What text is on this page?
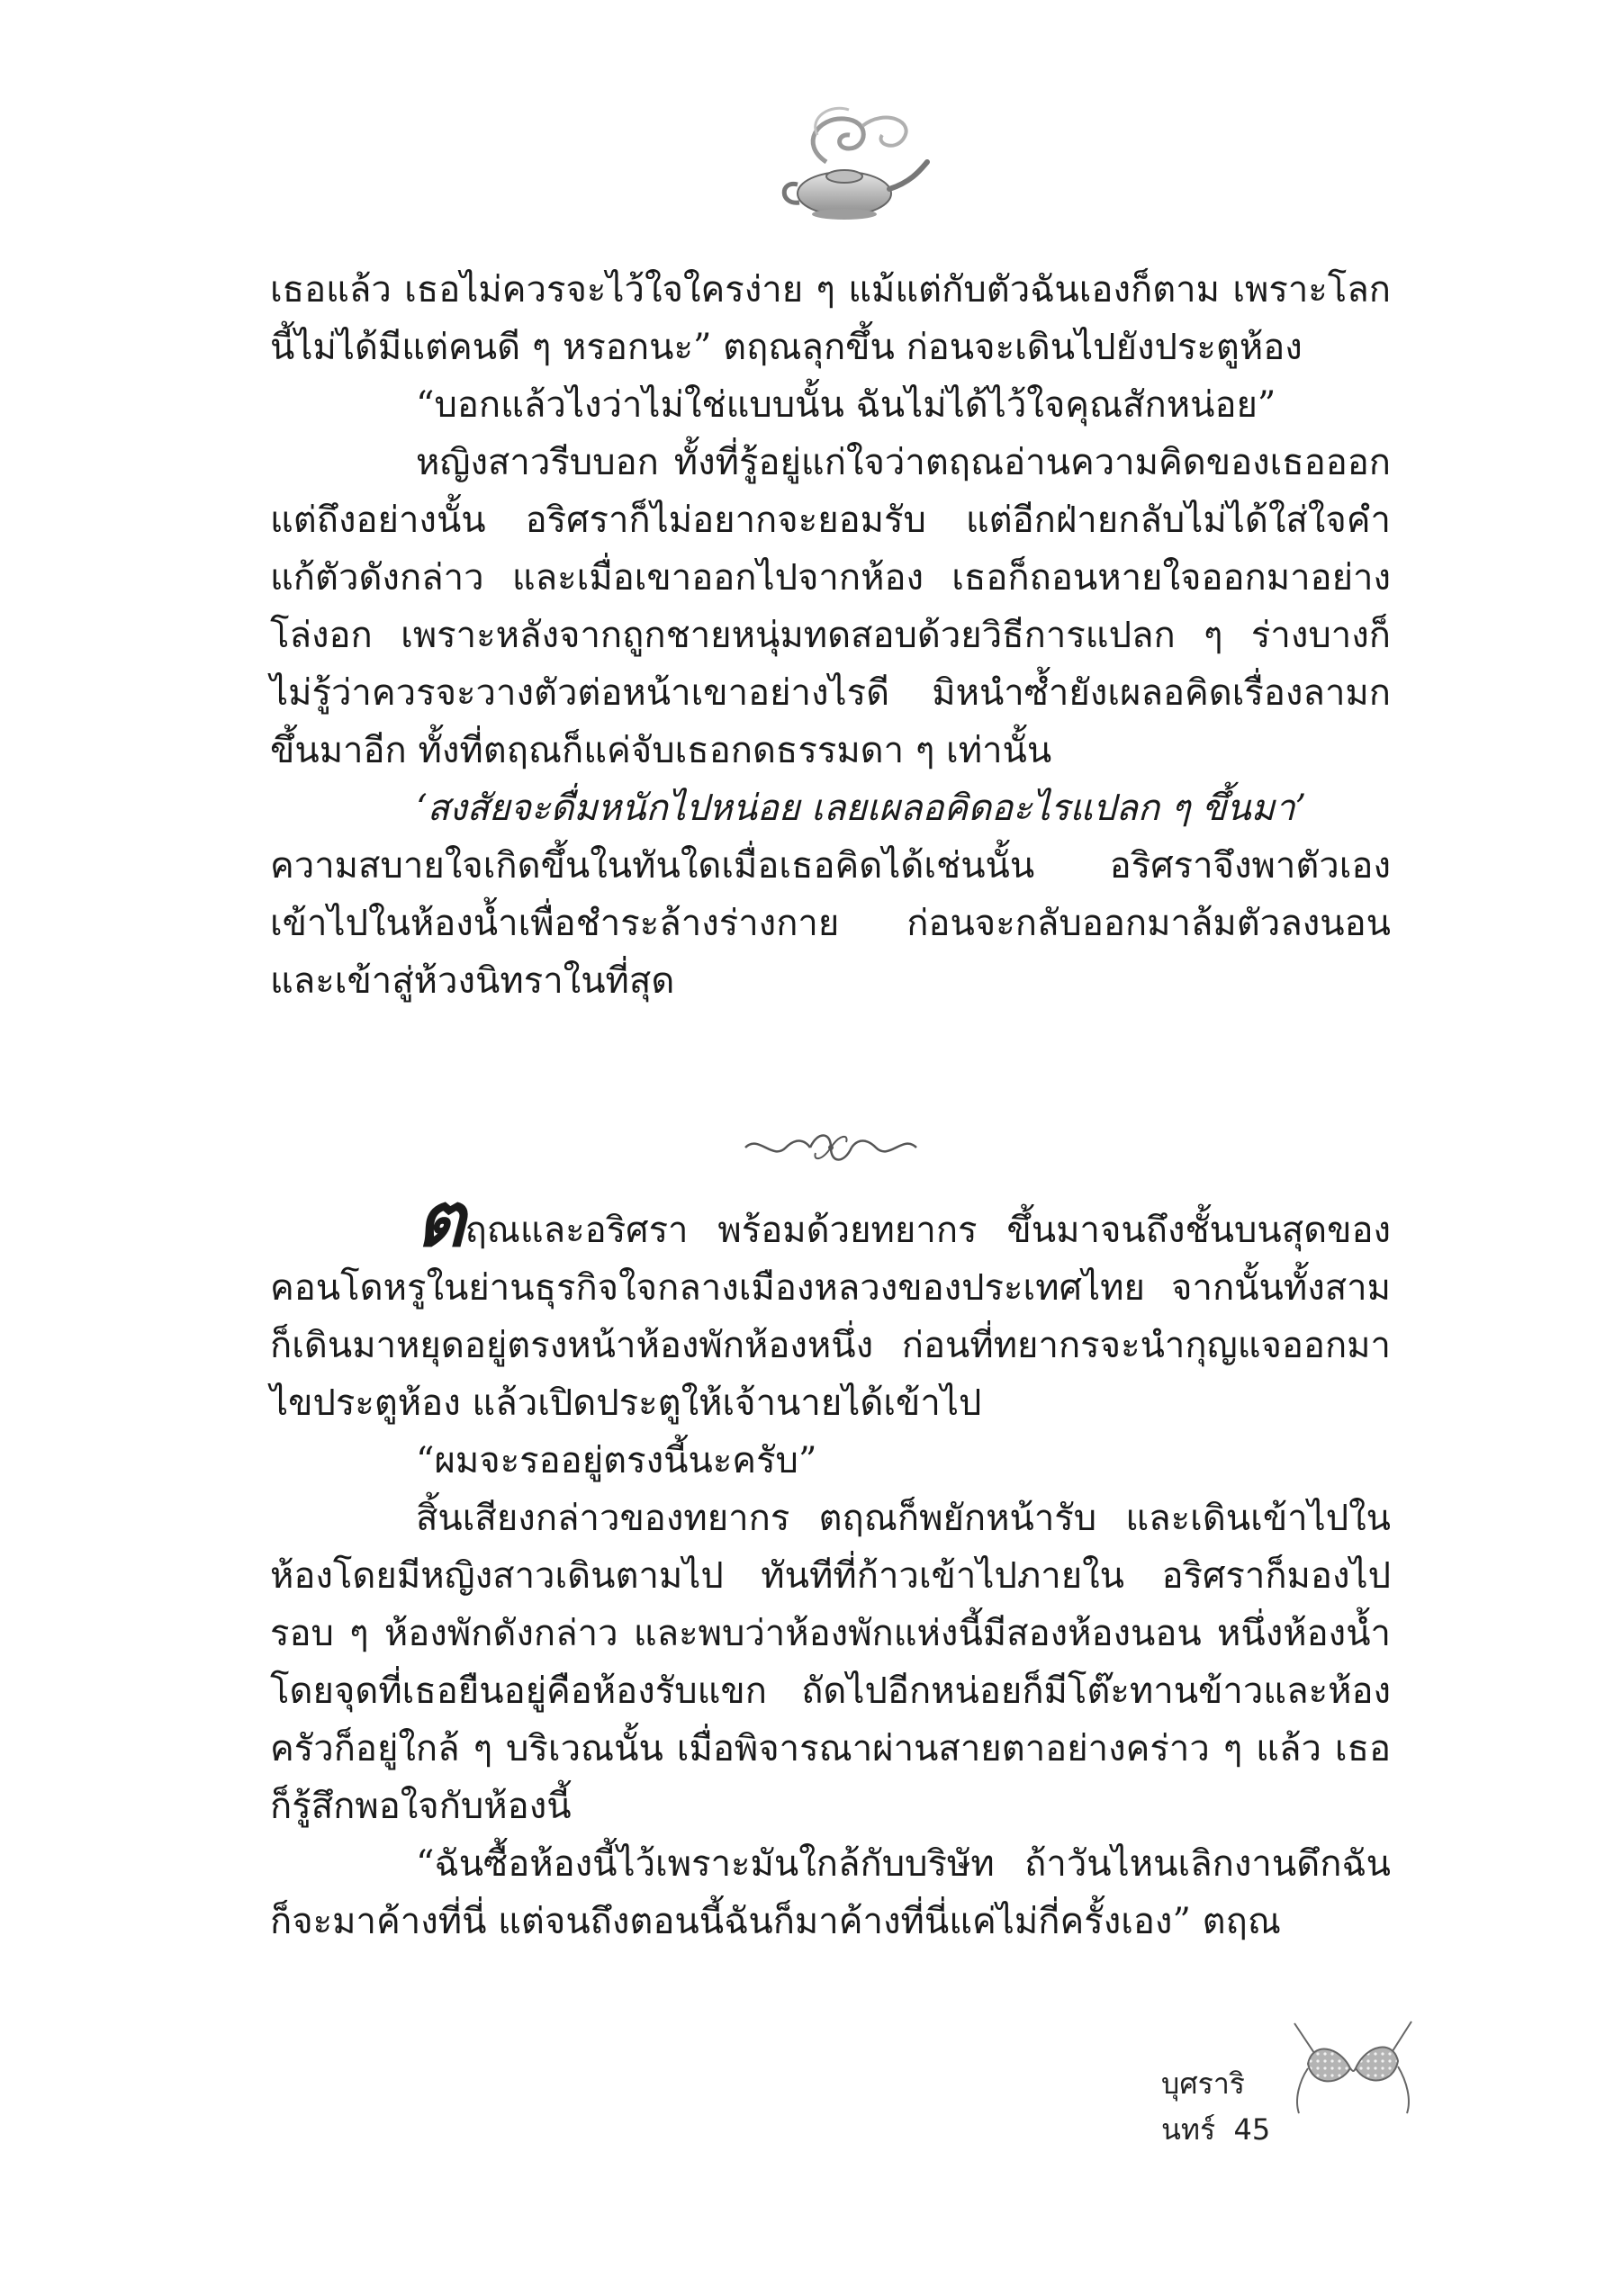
เธอแล้ว เธอไม่ควรจะไว้ใจใครง่าย ๆ แม้แต่กับตัวฉันเองก็ตาม เพราะโลกนี้ไม่ได้มีแต่คนดี ๆ หรอกนะ” ตฤณลุกขึ้น ก่อนจะเดินไปยังประตูห้อง

“บอกแล้วไงว่าไม่ใช่แบบนั้น ฉันไม่ได้ไว้ใจคุณสักหน่อย”

หญิงสาวรีบบอก ทั้งที่รู้อยู่แก่ใจว่าตฤณอ่านความคิดของเธอออก แต่ถึงอย่างนั้น อริศราก็ไม่อยากจะยอมรับ แต่อีกฝ่ายกลับไม่ได้ใส่ใจคำแก้ตัวดังกล่าว และเมื่อเขาออกไปจากห้อง เธอก็ถอนหายใจออกมาอย่างโล่งอก เพราะหลังจากถูกชายหนุ่มทดสอบด้วยวิธีการแปลก ๆ ร่างบางก็ไม่รู้ว่าควรจะวางตัวต่อหน้าเขาอย่างไรดี มิหนำซ้ำยังเผลอคิดเรื่องลามกขึ้นมาอีก ทั้งที่ตฤณก็แค่จับเธอกดธรรมดา ๆ เท่านั้น

‘สงสัยจะดื่มหนักไปหน่อย เลยเผลอคิดอะไรแปลก ๆ ขึ้นมา’

ความสบายใจเกิดขึ้นในทันใดเมื่อเธอคิดได้เช่นนั้น อริศราจึงพาตัวเองเข้าไปในห้องน้ำเพื่อชำระล้างร่างกาย ก่อนจะกลับออกมาล้มตัวลงนอนและเข้าสู่ห้วงนิทราในที่สุด

ตฤณและอริศรา พร้อมด้วยทยากร ขึ้นมาจนถึงชั้นบนสุดของคอนโดหรูในย่านธุรกิจใจกลางเมืองหลวงของประเทศไทย จากนั้นทั้งสามก็เดินมาหยุดอยู่ตรงหน้าห้องพักห้องหนึ่ง ก่อนที่ทยากรจะนำกุญแจออกมาไขประตูห้อง แล้วเปิดประตูให้เจ้านายได้เข้าไป

“ผมจะรออยู่ตรงนี้นะครับ”

สิ้นเสียงกล่าวของทยากร ตฤณก็พยักหน้ารับ และเดินเข้าไปในห้องโดยมีหญิงสาวเดินตามไป ทันทีที่ก้าวเข้าไปภายใน อริศราก็มองไปรอบ ๆ ห้องพักดังกล่าว และพบว่าห้องพักแห่งนี้มีสองห้องนอน หนึ่งห้องน้ำ โดยจุดที่เธอยืนอยู่คือห้องรับแขก ถัดไปอีกหน่อยก็มีโต๊ะทานข้าวและห้องครัวก็อยู่ใกล้ ๆ บริเวณนั้น เมื่อพิจารณาผ่านสายตาอย่างคร่าว ๆ แล้ว เธอก็รู้สึกพอใจกับห้องนี้

“ฉันซื้อห้องนี้ไว้เพราะมันใกล้กับบริษัท ถ้าวันไหนเลิกงานดึกฉันก็จะมาค้างที่นี่ แต่จนถึงตอนนี้ฉันก็มาค้างที่นี่แค่ไม่กี่ครั้งเอง” ตฤณ

บุศรารินทร์ 45
